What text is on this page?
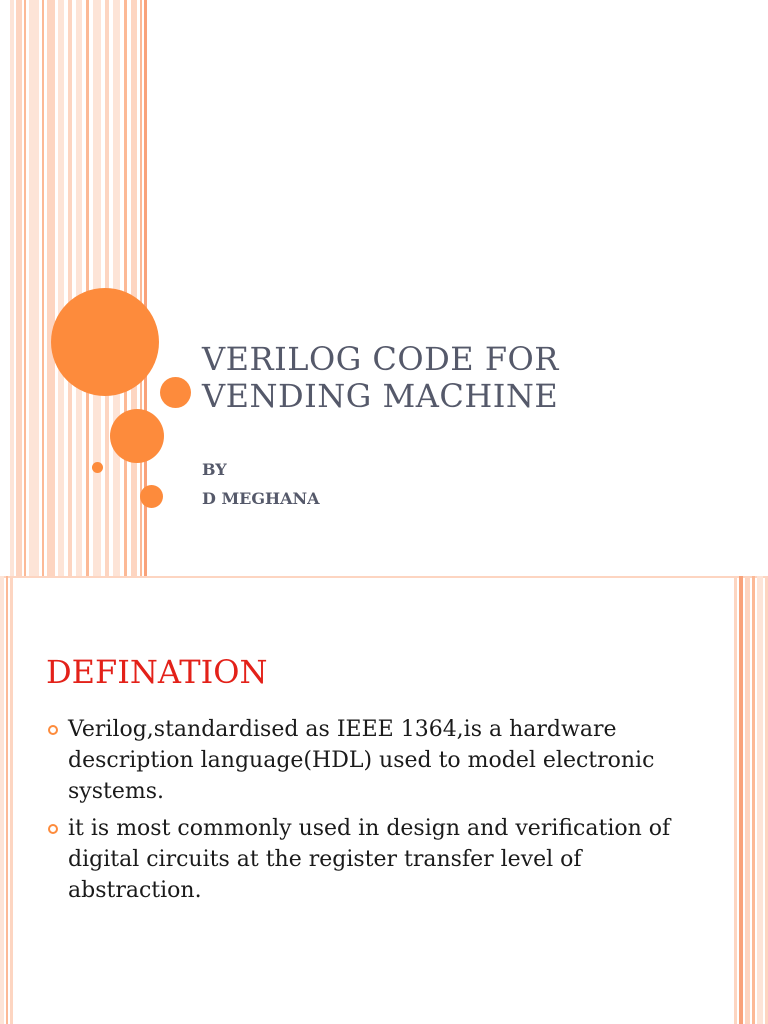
VERILOG CODE FOR
VENDING MACHINE
BY
D MEGHANA
DEFINATION
Verilog,standardised as IEEE 1364,is a hardware description language(HDL) used to model electronic systems.
it is most commonly used in design and verification of digital circuits at the register transfer level of abstraction.
